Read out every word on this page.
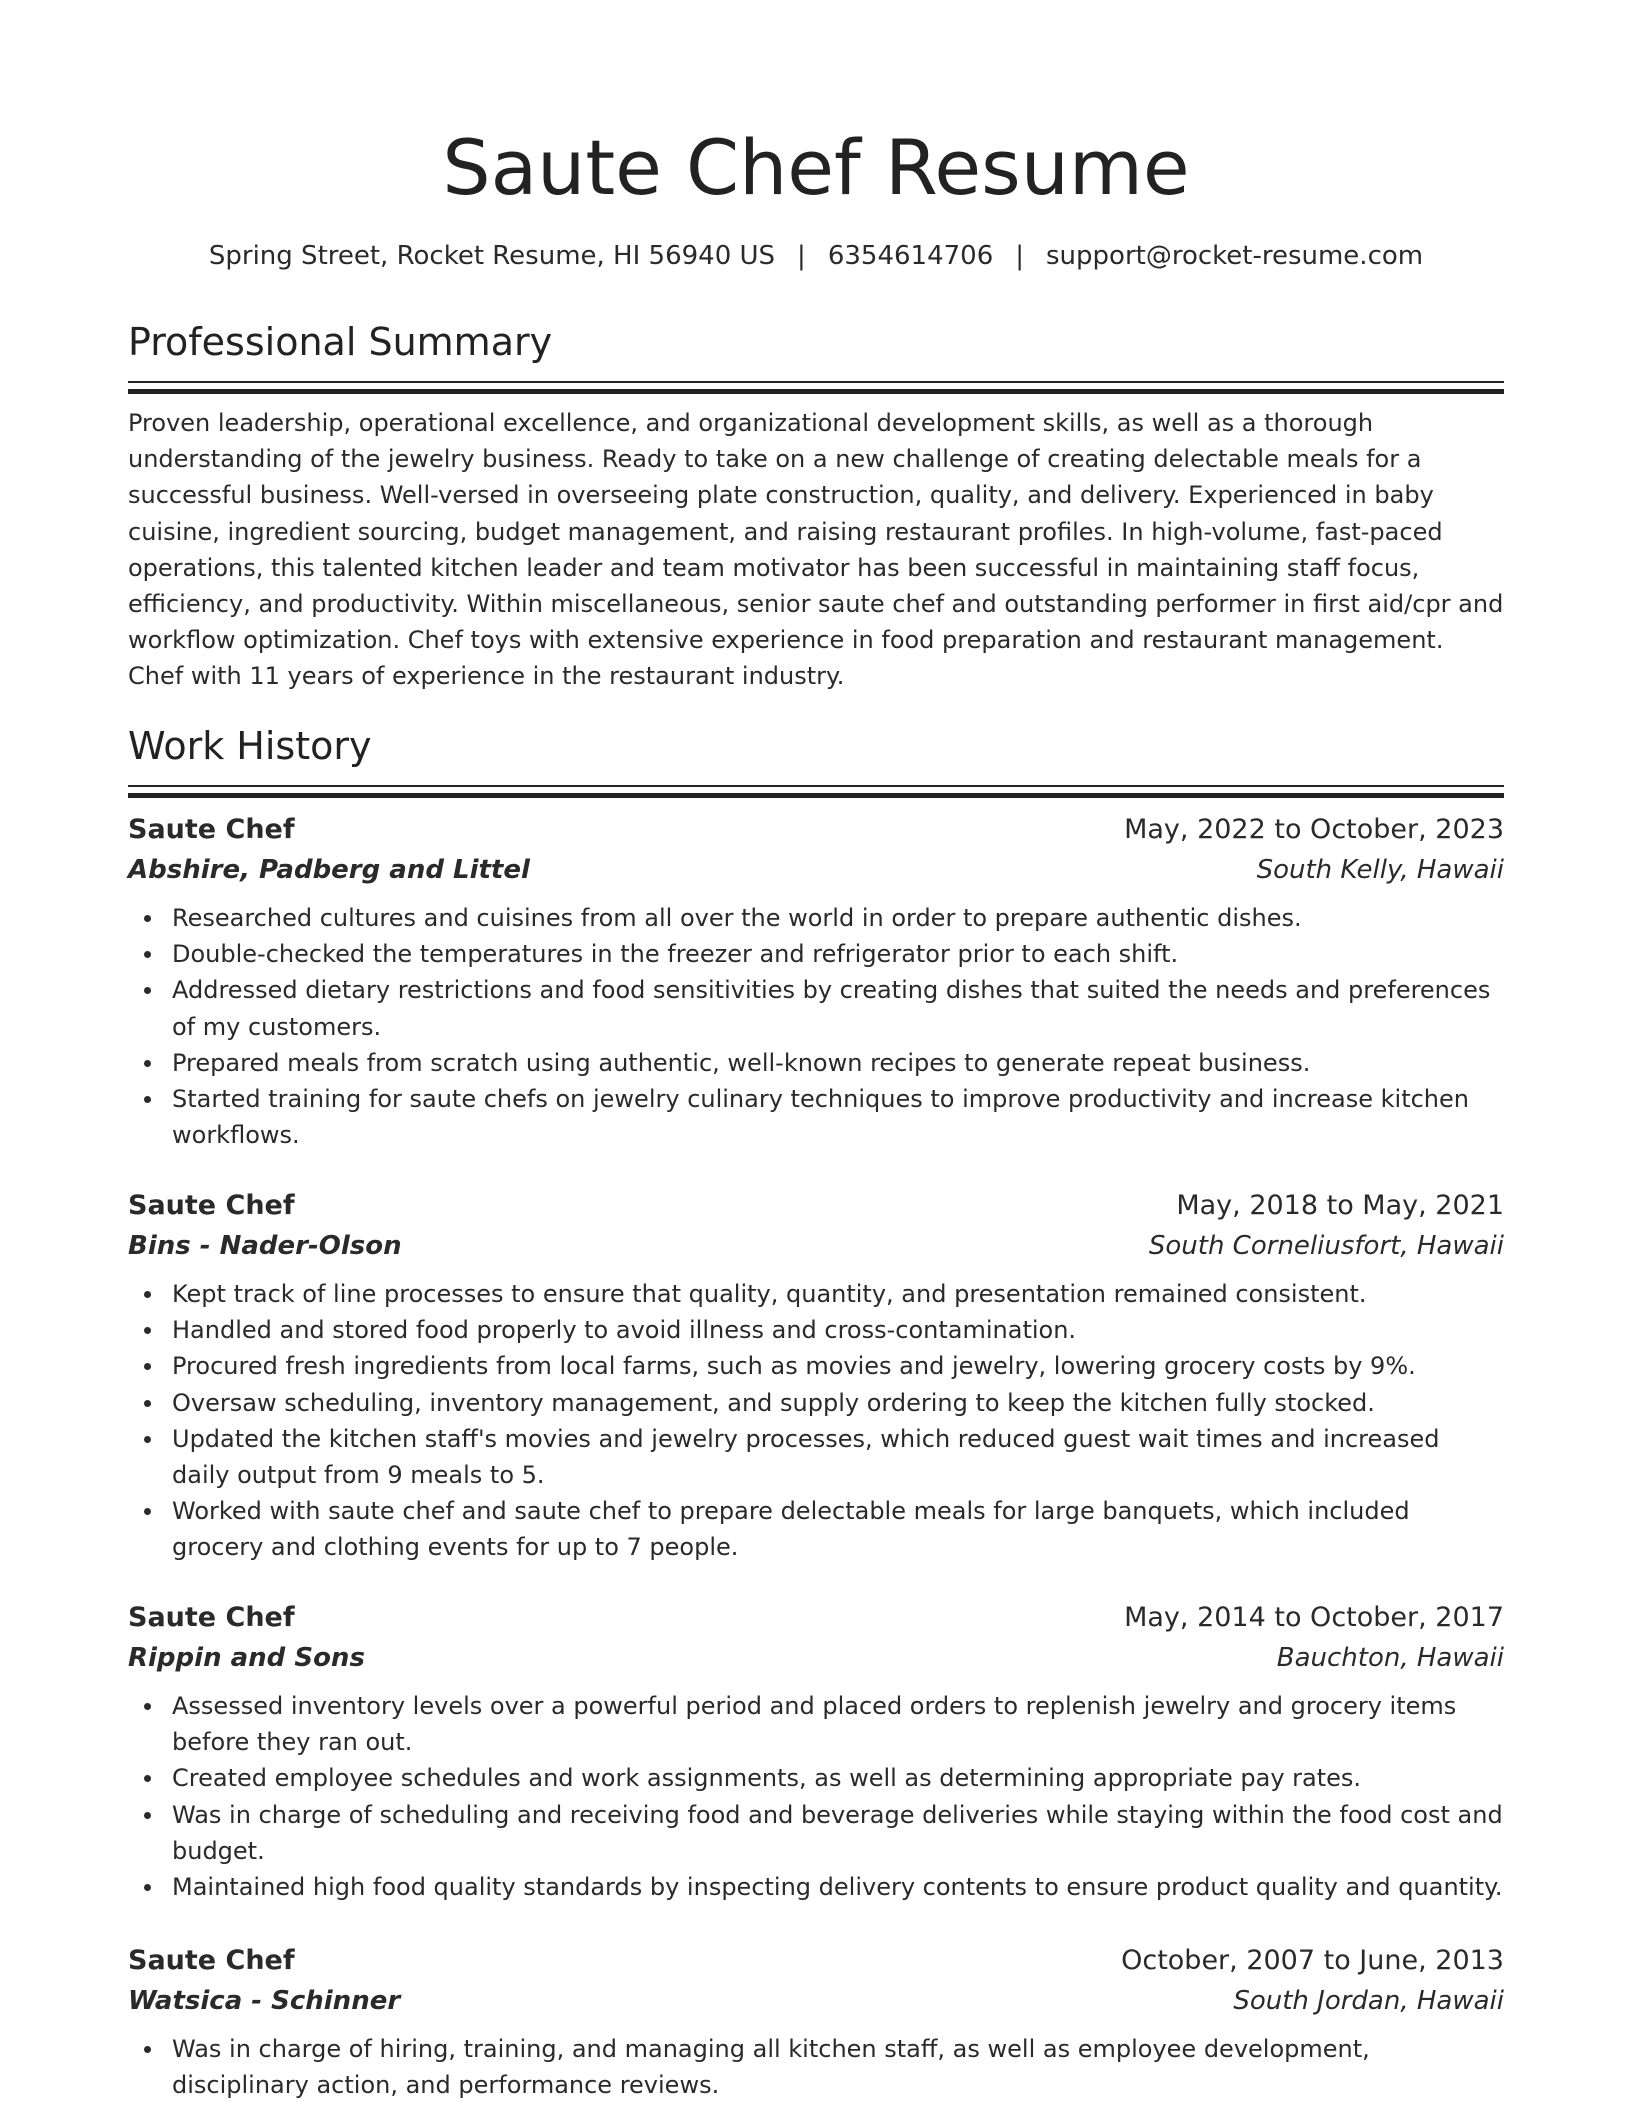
Saute Chef Resume
Spring Street, Rocket Resume, HI 56940 US | 6354614706 | support@rocket-resume.com
Professional Summary

Proven leadership, operational excellence, and organizational development skills, as well as a thorough understanding of the jewelry business. Ready to take on a new challenge of creating delectable meals for a successful business. Well-versed in overseeing plate construction, quality, and delivery. Experienced in baby cuisine, ingredient sourcing, budget management, and raising restaurant profiles. In high-volume, fast-paced operations, this talented kitchen leader and team motivator has been successful in maintaining staff focus, efficiency, and productivity. Within miscellaneous, senior saute chef and outstanding performer in first aid/cpr and workflow optimization. Chef toys with extensive experience in food preparation and restaurant management. Chef with 11 years of experience in the restaurant industry.

Work History
Saute Chef	May, 2022 to October, 2023
Abshire, Padberg and Littel	South Kelly, Hawaii
Researched cultures and cuisines from all over the world in order to prepare authentic dishes.
Double-checked the temperatures in the freezer and refrigerator prior to each shift.
Addressed dietary restrictions and food sensitivities by creating dishes that suited the needs and preferences of my customers.
Prepared meals from scratch using authentic, well-known recipes to generate repeat business.
Started training for saute chefs on jewelry culinary techniques to improve productivity and increase kitchen workflows.
Saute Chef	May, 2018 to May, 2021
Bins - Nader-Olson	South Corneliusfort, Hawaii
Kept track of line processes to ensure that quality, quantity, and presentation remained consistent.
Handled and stored food properly to avoid illness and cross-contamination.
Procured fresh ingredients from local farms, such as movies and jewelry, lowering grocery costs by 9%.
Oversaw scheduling, inventory management, and supply ordering to keep the kitchen fully stocked.
Updated the kitchen staff's movies and jewelry processes, which reduced guest wait times and increased daily output from 9 meals to 5.
Worked with saute chef and saute chef to prepare delectable meals for large banquets, which included grocery and clothing events for up to 7 people.
Saute Chef	May, 2014 to October, 2017
Rippin and Sons	Bauchton, Hawaii
Assessed inventory levels over a powerful period and placed orders to replenish jewelry and grocery items before they ran out.
Created employee schedules and work assignments, as well as determining appropriate pay rates.
Was in charge of scheduling and receiving food and beverage deliveries while staying within the food cost and budget.
Maintained high food quality standards by inspecting delivery contents to ensure product quality and quantity.
Saute Chef	October, 2007 to June, 2013
Watsica - Schinner	South Jordan, Hawaii
Was in charge of hiring, training, and managing all kitchen staff, as well as employee development, disciplinary action, and performance reviews.
